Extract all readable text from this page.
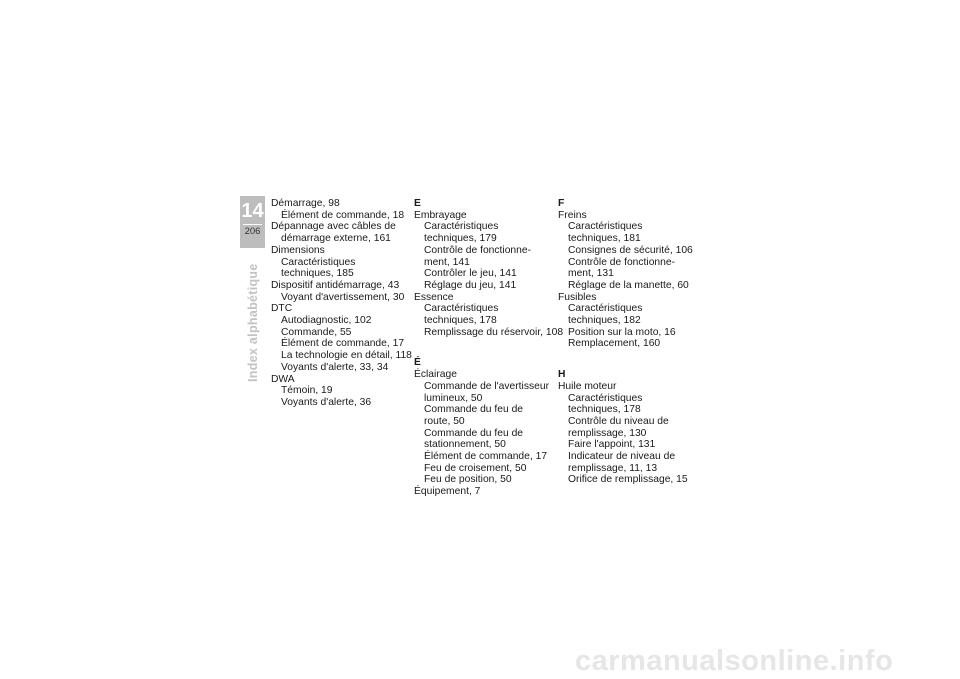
14
206
Index alphabétique
Démarrage, 98
Élément de commande, 18
Dépannage avec câbles de
démarrage externe, 161
Dimensions
Caractéristiques
techniques, 185
Dispositif antidémarrage, 43
Voyant d'avertissement, 30
DTC
Autodiagnostic, 102
Commande, 55
Élément de commande, 17
La technologie en détail, 118
Voyants d'alerte, 33, 34
DWA
Témoin, 19
Voyants d'alerte, 36
E
Embrayage
Caractéristiques
techniques, 179
Contrôle de fonctionne-
ment, 141
Contrôler le jeu, 141
Réglage du jeu, 141
Essence
Caractéristiques
techniques, 178
Remplissage du réservoir, 108
É
Éclairage
Commande de l'avertisseur
lumineux, 50
Commande du feu de
route, 50
Commande du feu de
stationnement, 50
Élément de commande, 17
Feu de croisement, 50
Feu de position, 50
Équipement, 7
F
Freins
Caractéristiques
techniques, 181
Consignes de sécurité, 106
Contrôle de fonctionne-
ment, 131
Réglage de la manette, 60
Fusibles
Caractéristiques
techniques, 182
Position sur la moto, 16
Remplacement, 160
H
Huile moteur
Caractéristiques
techniques, 178
Contrôle du niveau de
remplissage, 130
Faire l'appoint, 131
Indicateur de niveau de
remplissage, 11, 13
Orifice de remplissage, 15
carmanualsonline.info
